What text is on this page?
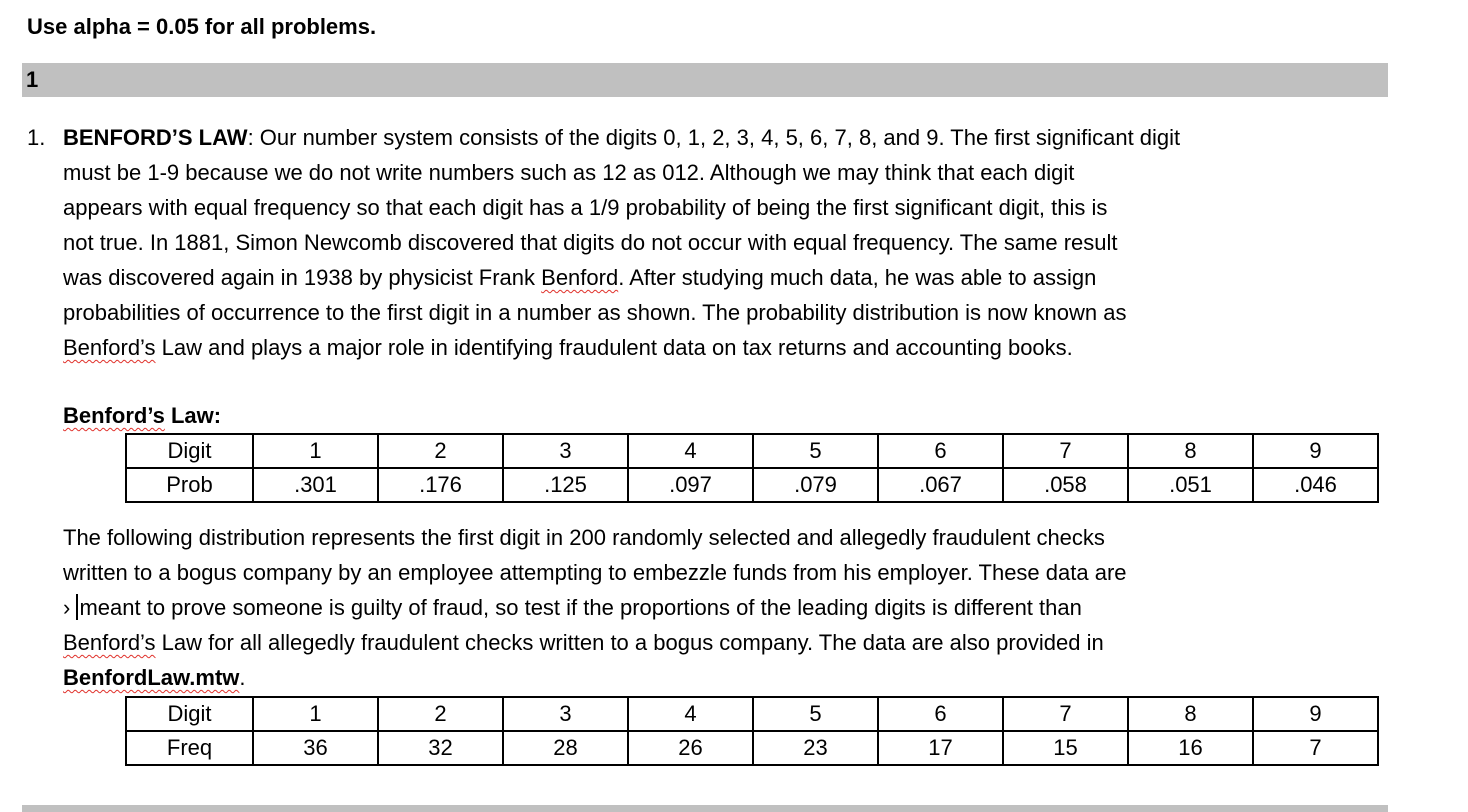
Use alpha = 0.05 for all problems.
1
1. BENFORD’S LAW: Our number system consists of the digits 0, 1, 2, 3, 4, 5, 6, 7, 8, and 9. The first significant digit
must be 1-9 because we do not write numbers such as 12 as 012. Although we may think that each digit
appears with equal frequency so that each digit has a 1/9 probability of being the first significant digit, this is
not true. In 1881, Simon Newcomb discovered that digits do not occur with equal frequency. The same result
was discovered again in 1938 by physicist Frank Benford. After studying much data, he was able to assign
probabilities of occurrence to the first digit in a number as shown. The probability distribution is now known as
Benford’s Law and plays a major role in identifying fraudulent data on tax returns and accounting books.
Benford’s Law:
Digit	1	2	3	4	5	6	7	8	9
Prob	.301	.176	.125	.097	.079	.067	.058	.051	.046
The following distribution represents the first digit in 200 randomly selected and allegedly fraudulent checks
written to a bogus company by an employee attempting to embezzle funds from his employer. These data are
› meant to prove someone is guilty of fraud, so test if the proportions of the leading digits is different than
Benford’s Law for all allegedly fraudulent checks written to a bogus company. The data are also provided in
BenfordLaw.mtw.
Digit	1	2	3	4	5	6	7	8	9
Freq	36	32	28	26	23	17	15	16	7
